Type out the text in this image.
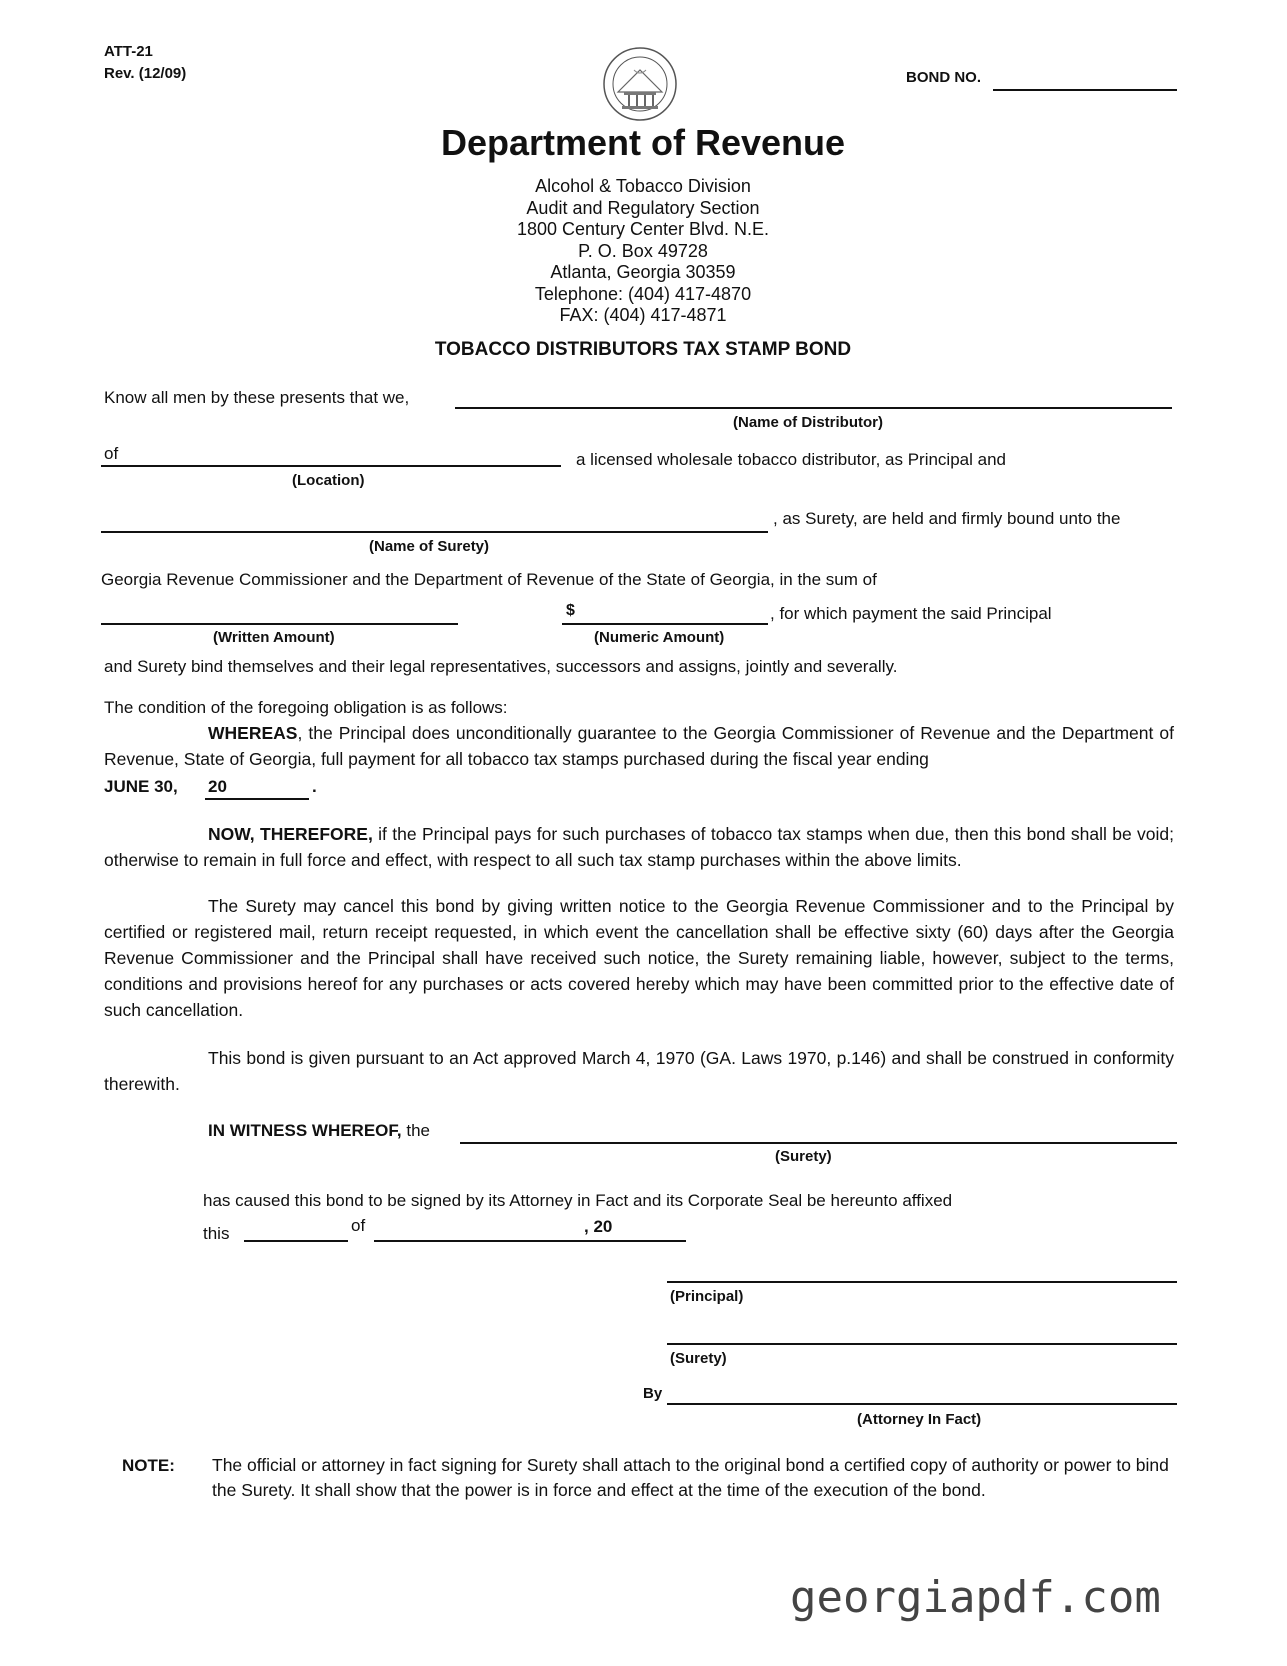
ATT-21
Rev. (12/09)	BOND NO.
Department of Revenue
Alcohol & Tobacco Division
Audit and Regulatory Section
1800 Century Center Blvd. N.E.
P. O. Box 49728
Atlanta, Georgia 30359
Telephone: (404) 417-4870
FAX: (404) 417-4871
TOBACCO DISTRIBUTORS TAX STAMP BOND
Know all men by these presents that we,
(Name of Distributor)
of	a licensed wholesale tobacco distributor, as Principal and
(Location)
, as Surety, are held and firmly bound unto the
(Name of Surety)
Georgia Revenue Commissioner and the Department of Revenue of the State of Georgia, in the sum of
$	, for which payment the said Principal
(Written Amount)	(Numeric Amount)
and Surety bind themselves and their legal representatives, successors and assigns, jointly and severally.
The condition of the foregoing obligation is as follows:

WHEREAS, the Principal does unconditionally guarantee to the Georgia Commissioner of Revenue and the Department of Revenue, State of Georgia, full payment for all tobacco tax stamps purchased during the fiscal year ending

JUNE 30, 20	.

NOW, THEREFORE, if the Principal pays for such purchases of tobacco tax stamps when due, then this bond shall be void; otherwise to remain in full force and effect, with respect to all such tax stamp purchases within the above limits.

The Surety may cancel this bond by giving written notice to the Georgia Revenue Commissioner and to the Principal by certified or registered mail, return receipt requested, in which event the cancellation shall be effective sixty (60) days after the Georgia Revenue Commissioner and the Principal shall have received such notice, the Surety remaining liable, however, subject to the terms, conditions and provisions hereof for any purchases or acts covered hereby which may have been committed prior to the effective date of such cancellation.

This bond is given pursuant to an Act approved March 4, 1970 (GA. Laws 1970, p.146) and shall be construed in conformity therewith.

IN WITNESS WHEREOF, the
(Surety)
has caused this bond to be signed by its Attorney in Fact and its Corporate Seal be hereunto affixed
this	of	, 20
(Principal)
(Surety)
By
(Attorney In Fact)
NOTE: The official or attorney in fact signing for Surety shall attach to the original bond a certified copy of authority or power to bind the Surety. It shall show that the power is in force and effect at the time of the execution of the bond.
georgiapdf.com
